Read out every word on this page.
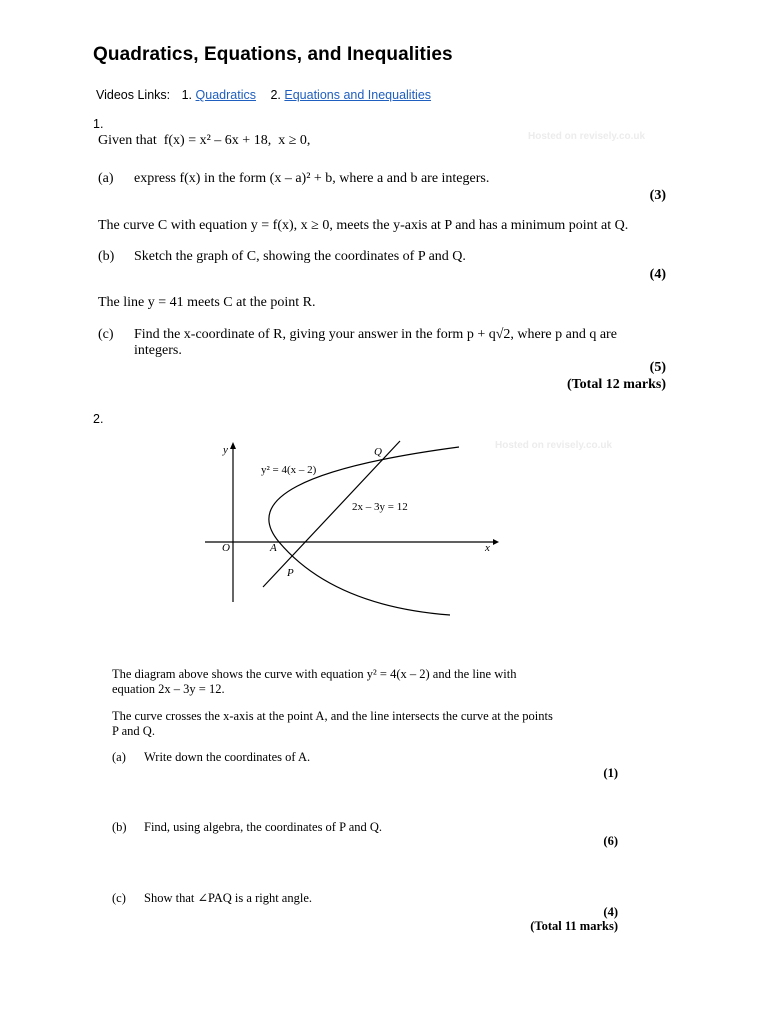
Quadratics, Equations, and Inequalities
Videos Links: 1. Quadratics 2. Equations and Inequalities
1.
Hosted on revisely.co.uk
Given that f(x) = x² – 6x + 18, x ≥ 0,
(a) express f(x) in the form (x – a)² + b, where a and b are integers.
(3)
The curve C with equation y = f(x), x ≥ 0, meets the y-axis at P and has a minimum point at Q.
(b) Sketch the graph of C, showing the coordinates of P and Q.
(4)
The line y = 41 meets C at the point R.
(c) Find the x-coordinate of R, giving your answer in the form p + q√2, where p and q are
integers.
(5)
(Total 12 marks)
2.
Hosted on revisely.co.uk
y
x
O	A
P
Q
y² = 4(x – 2)
2x – 3y = 12
The diagram above shows the curve with equation y² = 4(x – 2) and the line with
equation 2x – 3y = 12.
The curve crosses the x-axis at the point A, and the line intersects the curve at the points
P and Q.
(a) Write down the coordinates of A.
(1)
(b) Find, using algebra, the coordinates of P and Q.
(6)
(c) Show that ∠PAQ is a right angle.
(4)
(Total 11 marks)
